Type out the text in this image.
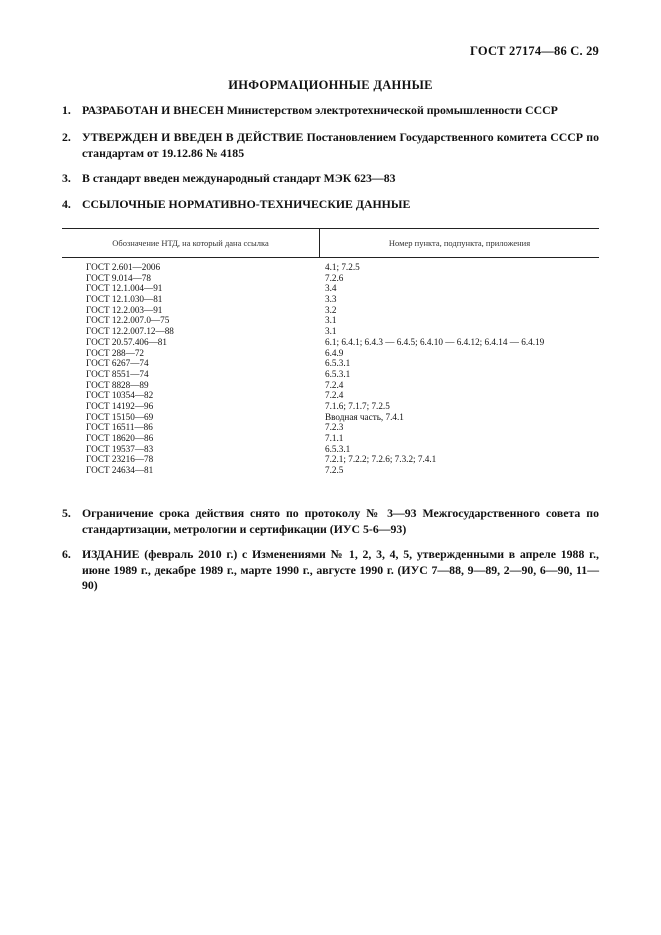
ГОСТ 27174—86 С. 29
ИНФОРМАЦИОННЫЕ ДАННЫЕ
1. РАЗРАБОТАН И ВНЕСЕН Министерством электротехнической промышленности СССР
2. УТВЕРЖДЕН И ВВЕДЕН В ДЕЙСТВИЕ Постановлением Государственного комитета СССР по стандартам от 19.12.86 № 4185
3. В стандарт введен международный стандарт МЭК 623—83
4. ССЫЛОЧНЫЕ НОРМАТИВНО-ТЕХНИЧЕСКИЕ ДАННЫЕ
Обозначение НТД, на который дана ссылка	Номер пункта, подпункта, приложения
ГОСТ 2.601—2006	4.1; 7.2.5
ГОСТ 9.014—78	7.2.6
ГОСТ 12.1.004—91	3.4
ГОСТ 12.1.030—81	3.3
ГОСТ 12.2.003—91	3.2
ГОСТ 12.2.007.0—75	3.1
ГОСТ 12.2.007.12—88	3.1
ГОСТ 20.57.406—81	6.1; 6.4.1; 6.4.3 — 6.4.5; 6.4.10 — 6.4.12; 6.4.14 — 6.4.19
ГОСТ 288—72	6.4.9
ГОСТ 6267—74	6.5.3.1
ГОСТ 8551—74	6.5.3.1
ГОСТ 8828—89	7.2.4
ГОСТ 10354—82	7.2.4
ГОСТ 14192—96	7.1.6; 7.1.7; 7.2.5
ГОСТ 15150—69	Вводная часть, 7.4.1
ГОСТ 16511—86	7.2.3
ГОСТ 18620—86	7.1.1
ГОСТ 19537—83	6.5.3.1
ГОСТ 23216—78	7.2.1; 7.2.2; 7.2.6; 7.3.2; 7.4.1
ГОСТ 24634—81	7.2.5
5. Ограничение срока действия снято по протоколу № 3—93 Межгосударственного совета по стандартизации, метрологии и сертификации (ИУС 5-6—93)
6. ИЗДАНИЕ (февраль 2010 г.) с Изменениями № 1, 2, 3, 4, 5, утвержденными в апреле 1988 г., июне 1989 г., декабре 1989 г., марте 1990 г., августе 1990 г. (ИУС 7—88, 9—89, 2—90, 6—90, 11—90)
